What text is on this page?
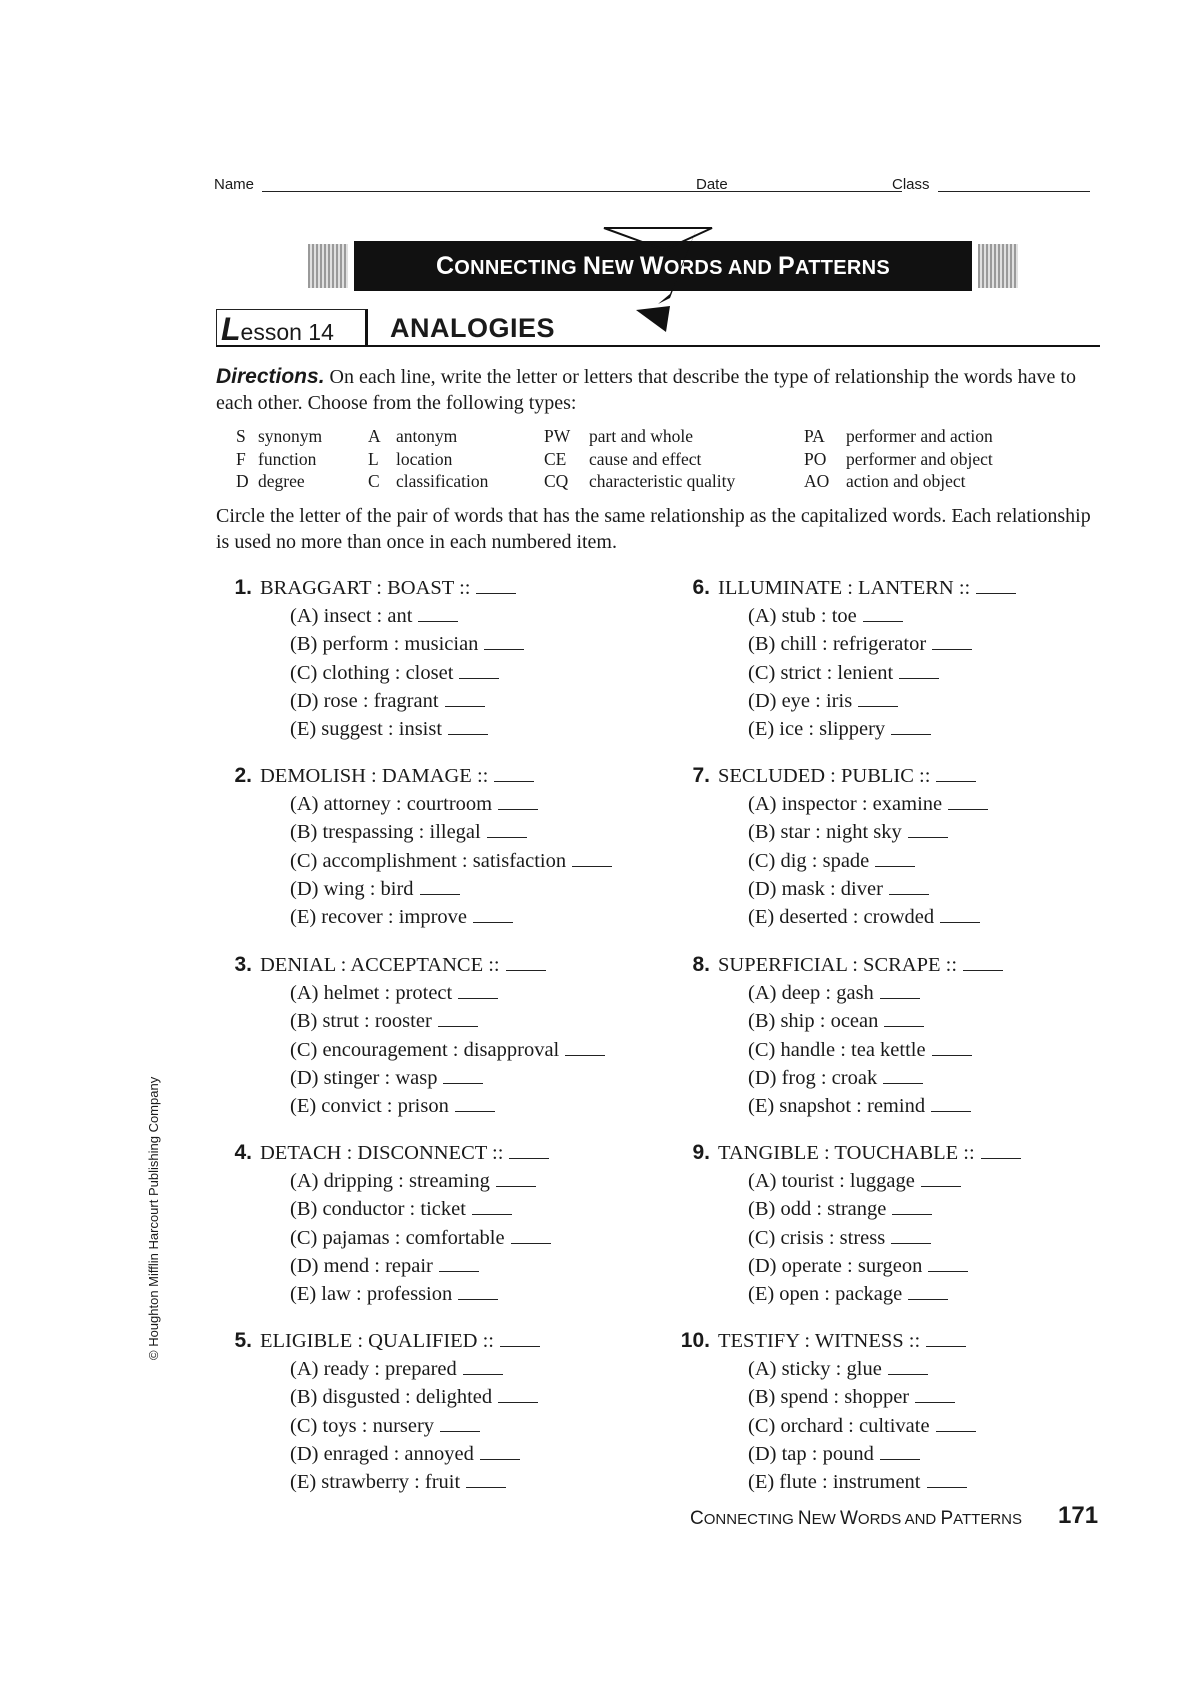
Name	Date	Class
CONNECTING NEW WORDS AND PATTERNS
Lesson 14	ANALOGIES
Directions. On each line, write the letter or letters that describe the type of relationship the words have to each other. Choose from the following types:
S synonym	A antonym	PW part and whole	PA performer and action
F function	L location	CE cause and effect	PO performer and object
D degree	C classification	CQ characteristic quality	AO action and object
Circle the letter of the pair of words that has the same relationship as the capitalized words. Each relationship is used no more than once in each numbered item.
1. BRAGGART : BOAST ::
(A) insect : ant
(B) perform : musician
(C) clothing : closet
(D) rose : fragrant
(E) suggest : insist
2. DEMOLISH : DAMAGE ::
(A) attorney : courtroom
(B) trespassing : illegal
(C) accomplishment : satisfaction
(D) wing : bird
(E) recover : improve
3. DENIAL : ACCEPTANCE ::
(A) helmet : protect
(B) strut : rooster
(C) encouragement : disapproval
(D) stinger : wasp
(E) convict : prison
4. DETACH : DISCONNECT ::
(A) dripping : streaming
(B) conductor : ticket
(C) pajamas : comfortable
(D) mend : repair
(E) law : profession
5. ELIGIBLE : QUALIFIED ::
(A) ready : prepared
(B) disgusted : delighted
(C) toys : nursery
(D) enraged : annoyed
(E) strawberry : fruit
6. ILLUMINATE : LANTERN ::
(A) stub : toe
(B) chill : refrigerator
(C) strict : lenient
(D) eye : iris
(E) ice : slippery
7. SECLUDED : PUBLIC ::
(A) inspector : examine
(B) star : night sky
(C) dig : spade
(D) mask : diver
(E) deserted : crowded
8. SUPERFICIAL : SCRAPE ::
(A) deep : gash
(B) ship : ocean
(C) handle : tea kettle
(D) frog : croak
(E) snapshot : remind
9. TANGIBLE : TOUCHABLE ::
(A) tourist : luggage
(B) odd : strange
(C) crisis : stress
(D) operate : surgeon
(E) open : package
10. TESTIFY : WITNESS ::
(A) sticky : glue
(B) spend : shopper
(C) orchard : cultivate
(D) tap : pound
(E) flute : instrument
© Houghton Mifflin Harcourt Publishing Company
CONNECTING NEW WORDS AND PATTERNS 171
